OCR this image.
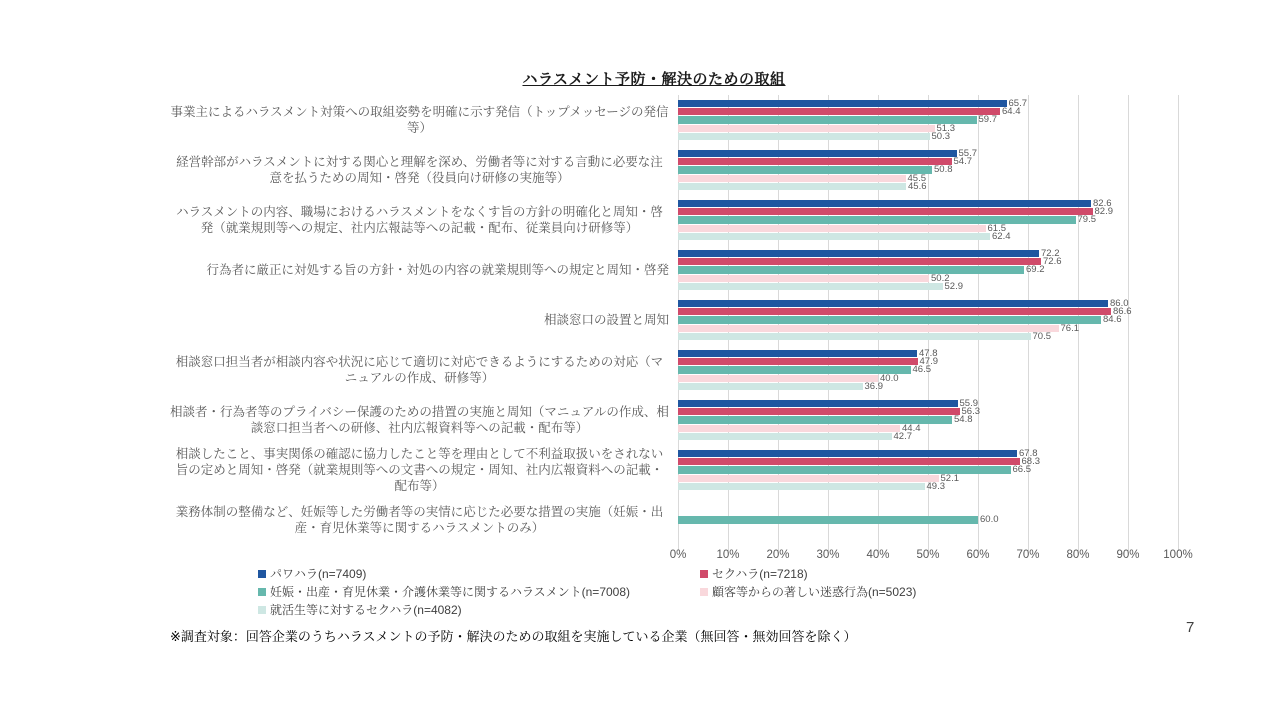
ハラスメント予防・解決のための取組
事業主によるハラスメント対策への取組姿勢を明確に示す発信（トップメッセージの発信等）
65.7
64.4
59.7
51.3
50.3
経営幹部がハラスメントに対する関心と理解を深め、労働者等に対する言動に必要な注意を払うための周知・啓発（役員向け研修の実施等）
55.7
54.7
50.8
45.5
45.6
ハラスメントの内容、職場におけるハラスメントをなくす旨の方針の明確化と周知・啓発（就業規則等への規定、社内広報誌等への記載・配布、従業員向け研修等）
82.6
82.9
79.5
61.5
62.4
行為者に厳正に対処する旨の方針・対処の内容の就業規則等への規定と周知・啓発
72.2
72.6
69.2
50.2
52.9
相談窓口の設置と周知
86.0
86.6
84.6
76.1
70.5
相談窓口担当者が相談内容や状況に応じて適切に対応できるようにするための対応（マニュアルの作成、研修等）
47.8
47.9
46.5
40.0
36.9
相談者・行為者等のプライバシー保護のための措置の実施と周知（マニュアルの作成、相談窓口担当者への研修、社内広報資料等への記載・配布等）
55.9
56.3
54.8
44.4
42.7
相談したこと、事実関係の確認に協力したこと等を理由として不利益取扱いをされない旨の定めと周知・啓発（就業規則等への文書への規定・周知、社内広報資料への記載・配布等）
67.8
68.3
66.5
52.1
49.3
業務体制の整備など、妊娠等した労働者等の実情に応じた必要な措置の実施（妊娠・出産・育児休業等に関するハラスメントのみ）
60.0
0%	10% 20% 30% 40% 50% 60% 70% 80% 90% 100%
パワハラ(n=7409)	セクハラ(n=7218)
妊娠・出産・育児休業・介護休業等に関するハラスメント(n=7008)	顧客等からの著しい迷惑行為(n=5023)
就活生等に対するセクハラ(n=4082)
※調査対象：回答企業のうちハラスメントの予防・解決のための取組を実施している企業（無回答・無効回答を除く）
7
